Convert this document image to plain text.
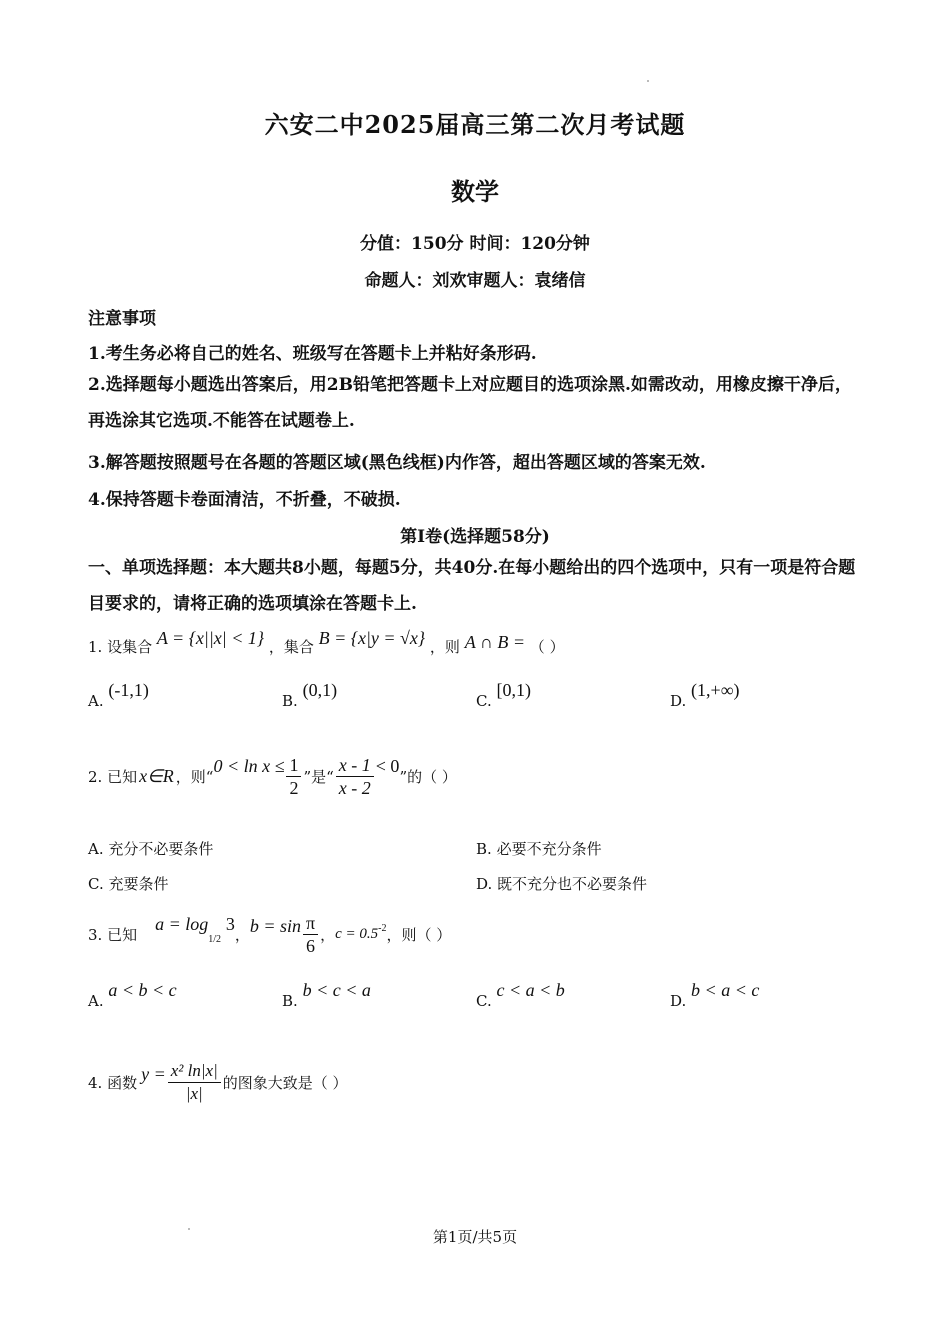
六安二中2025届高三第二次月考试题
数学
分值：150分 时间：120分钟
命题人：刘欢审题人：袁绪信
注意事项
1.考生务必将自己的姓名、班级写在答题卡上并粘好条形码.
2.选择题每小题选出答案后，用2B铅笔把答题卡上对应题目的选项涂黑.如需改动，用橡皮擦干净后，再选涂其它选项.不能答在试题卷上.
3.解答题按照题号在各题的答题区域(黑色线框)内作答，超出答题区域的答案无效.
4.保持答题卡卷面清洁，不折叠，不破损.
第Ⅰ卷(选择题58分)
一、单项选择题：本大题共8小题，每题5分，共40分.在每小题给出的四个选项中，只有一项是符合题目要求的，请将正确的选项填涂在答题卡上.
1. 设集合 A = {x||x| < 1} ，集合 B = {x|y = √x} ，则 A ∩ B = （ ）
A. (-1,1)
B. (0,1)
C. [0,1)
D. (1,+∞)
2. 已知 x∈R ，则“
$0 < \ln x \le \frac{1}{2}$ ”是“ $\frac{x - 1}{x - 2} < 0$
”的（ ）
A. 充分不必要条件	B. 必要不充分条件
C. 充要条件	D. 既不充分也不必要条件
3. 已知
$a = \log_{1/2} 3$
， $b = \sin \frac{\pi}{6}$ ， c = 0.5 -2 ，则（ ）
A. a < b < c
B. b < c < a
C. c < a < b
D. b < a < c
4. 函数 $y = \frac{\text{x² ln|x|}}{|x|}$ 的图象大致是（ ）
第1页/共5页
